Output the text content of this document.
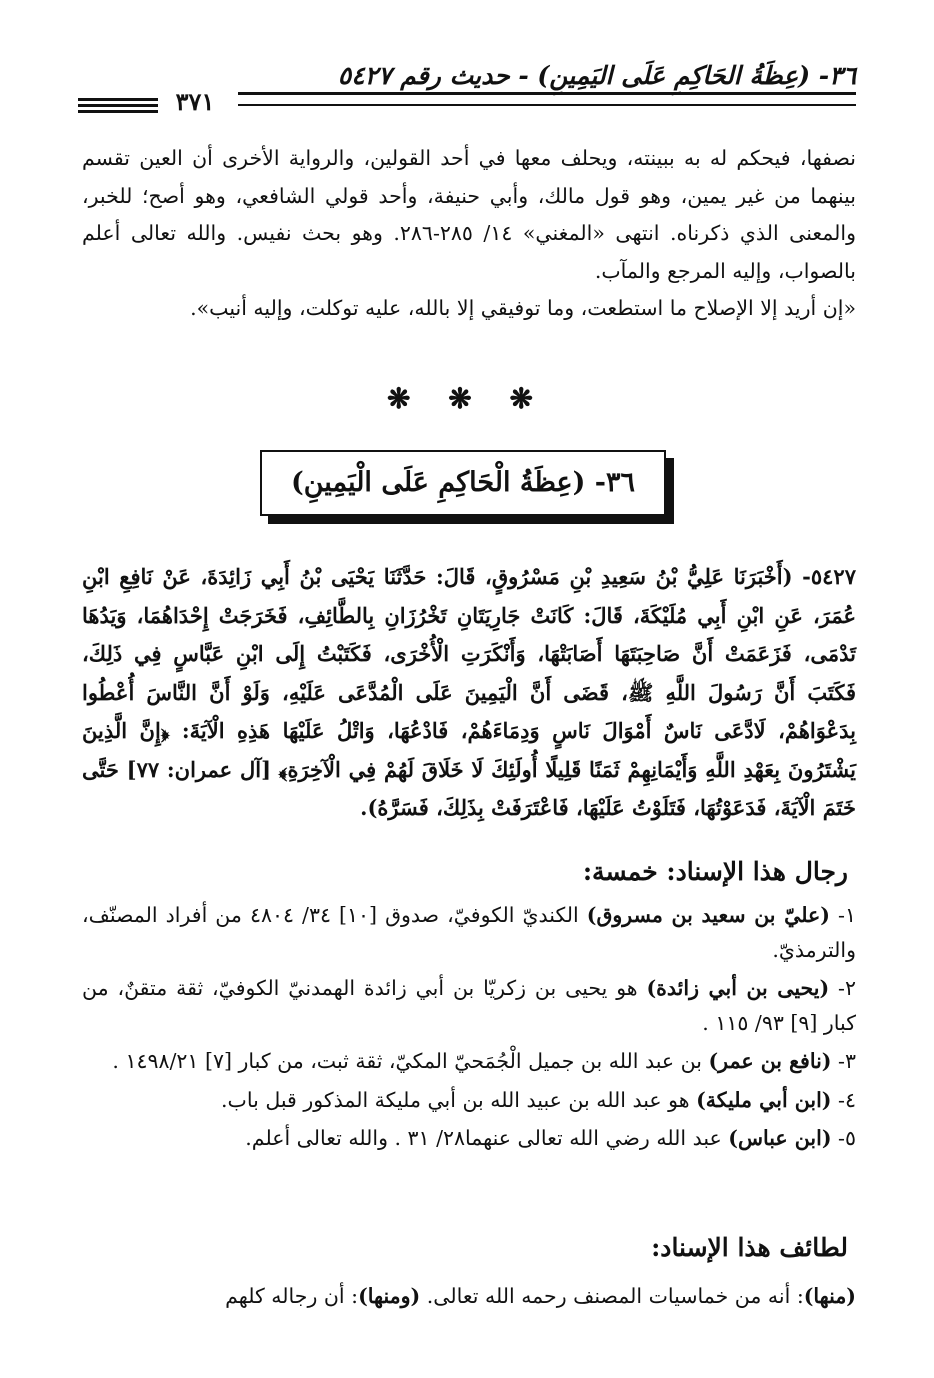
٣٦- (عِظَةُ الحَاكِمِ عَلَى اليَمِينِ) - حديث رقم ٥٤٢٧
٣٧١

نصفها، فيحكم له به ببينته، ويحلف معها في أحد القولين، والرواية الأخرى أن العين تقسم بينهما من غير يمين، وهو قول مالك، وأبي حنيفة، وأحد قولي الشافعي، وهو أصح؛ للخبر، والمعنى الذي ذكرناه. انتهى «المغني» ١٤/ ٢٨٥-٢٨٦. وهو بحث نفيس. والله تعالى أعلم بالصواب، وإليه المرجع والمآب.

«إن أريد إلا الإصلاح ما استطعت، وما توفيقي إلا بالله، عليه توكلت، وإليه أنيب».

❋ ❋ ❋
٣٦- (عِظَةُ الْحَاكِمِ عَلَى الْيَمِينِ)
٥٤٢٧- (أَخْبَرَنَا عَلِيُّ بْنُ سَعِيدِ بْنِ مَسْرُوقٍ، قَالَ: حَدَّثَنَا يَحْيَى بْنُ أَبِي زَائِدَةَ، عَنْ نَافِعِ ابْنِ عُمَرَ، عَنِ ابْنِ أَبِي مُلَيْكَةَ، قَالَ: كَانَتْ جَارِيَتَانِ تَخْرُزَانِ بِالطَّائِفِ، فَخَرَجَتْ إِحْدَاهُمَا، وَيَدُهَا تَدْمَى، فَزَعَمَتْ أَنَّ صَاحِبَتَهَا أَصَابَتْهَا، وَأَنْكَرَتِ الْأُخْرَى، فَكَتَبْتُ إِلَى ابْنِ عَبَّاسٍ فِي ذَلِكَ، فَكَتَبَ أَنَّ رَسُولَ اللَّهِ ﷺ، قَضَى أَنَّ الْيَمِينَ عَلَى الْمُدَّعَى عَلَيْهِ، وَلَوْ أَنَّ النَّاسَ أُعْطُوا بِدَعْوَاهُمْ، لَادَّعَى نَاسٌ أَمْوَالَ نَاسٍ وَدِمَاءَهُمْ، فَادْعُهَا، وَاتْلُ عَلَيْهَا هَذِهِ الْآيَةَ: ﴿إِنَّ الَّذِينَ يَشْتَرُونَ بِعَهْدِ اللَّهِ وَأَيْمَانِهِمْ ثَمَنًا قَلِيلًا أُولَئِكَ لَا خَلَاقَ لَهُمْ فِي الْآخِرَةِ﴾ [آل عمران: ٧٧] حَتَّى خَتَمَ الْآيَةَ، فَدَعَوْتُهَا، فَتَلَوْتُ عَلَيْهَا، فَاعْتَرَفَتْ بِذَلِكَ، فَسَرَّهُ).
رجال هذا الإسناد: خمسة:
١- (عليّ بن سعيد بن مسروق) الكنديّ الكوفيّ، صدوق [١٠] ٣٤/ ٤٨٠٤ من أفراد المصنّف، والترمذيّ.
٢- (يحيى بن أبي زائدة) هو يحيى بن زكريّا بن أبي زائدة الهمدنيّ الكوفيّ، ثقة متقنٌ، من كبار [٩] ٩٣/ ١١٥ .
٣- (نافع بن عمر) بن عبد الله بن جميل الْجُمَحيّ المكيّ، ثقة ثبت، من كبار [٧] ١٤٩٨/٢١ .
٤- (ابن أبي مليكة) هو عبد الله بن عبيد الله بن أبي مليكة المذكور قبل باب.
٥- (ابن عباس) عبد الله رضي الله تعالى عنهما٢٨/ ٣١ . والله تعالى أعلم.
لطائف هذا الإسناد:
(منها): أنه من خماسيات المصنف رحمه الله تعالى. (ومنها): أن رجاله كلهم
